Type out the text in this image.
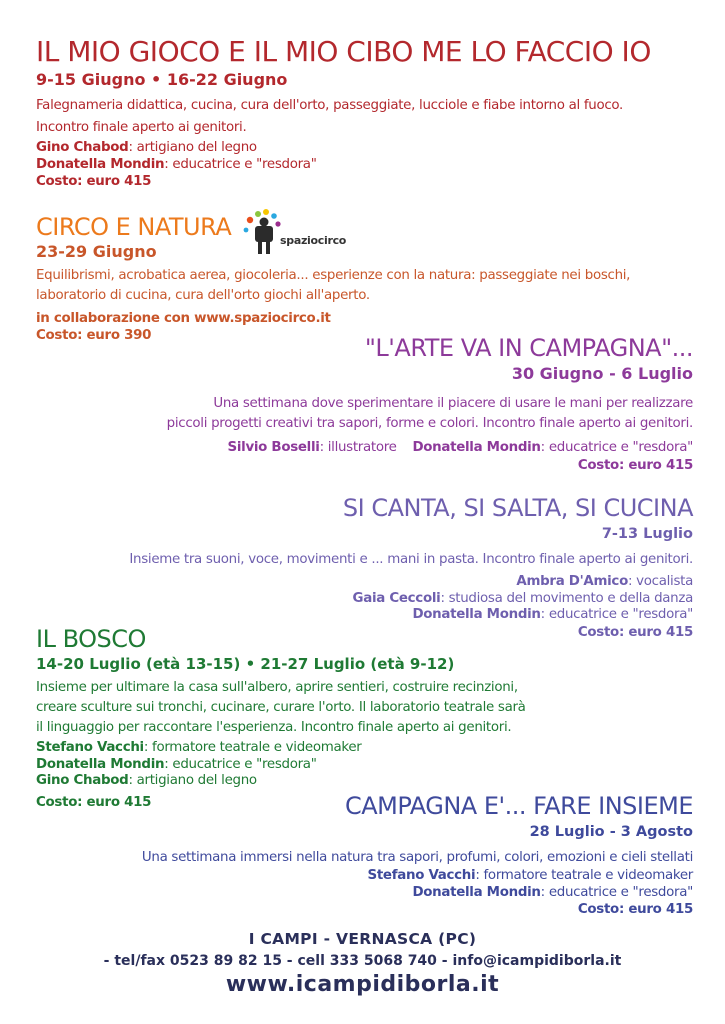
IL MIO GIOCO E IL MIO CIBO ME LO FACCIO IO

9-15 Giugno • 16-22 Giugno

Falegnameria didattica, cucina, cura dell'orto, passeggiate, lucciole e fiabe intorno al fuoco.

Incontro finale aperto ai genitori.

Gino Chabod: artigiano del legno

Donatella Mondin: educatrice e "resdora"

Costo: euro 415

CIRCO E NATURA

23-29 Giugno

Equilibrismi, acrobatica aerea, giocoleria... esperienze con la natura: passeggiate nei boschi,

laboratorio di cucina, cura dell'orto giochi all'aperto.

in collaborazione con www.spaziocirco.it

Costo: euro 390

spaziocirco
"L'ARTE VA IN CAMPAGNA"...

30 Giugno - 6 Luglio

Una settimana dove sperimentare il piacere di usare le mani per realizzare

piccoli progetti creativi tra sapori, forme e colori. Incontro finale aperto ai genitori.

Silvio Boselli: illustratore Donatella Mondin: educatrice e "resdora"

Costo: euro 415

SI CANTA, SI SALTA, SI CUCINA

7-13 Luglio

Insieme tra suoni, voce, movimenti e ... mani in pasta. Incontro finale aperto ai genitori.

Ambra D'Amico: vocalista

Gaia Ceccoli: studiosa del movimento e della danza

Donatella Mondin: educatrice e "resdora"

Costo: euro 415

IL BOSCO

14-20 Luglio (età 13-15) • 21-27 Luglio (età 9-12)

Insieme per ultimare la casa sull'albero, aprire sentieri, costruire recinzioni,

creare sculture sui tronchi, cucinare, curare l'orto. Il laboratorio teatrale sarà

il linguaggio per raccontare l'esperienza. Incontro finale aperto ai genitori.

Stefano Vacchi: formatore teatrale e videomaker

Donatella Mondin: educatrice e "resdora"

Gino Chabod: artigiano del legno

Costo: euro 415	CAMPAGNA E'... FARE INSIEME

28 Luglio - 3 Agosto

Una settimana immersi nella natura tra sapori, profumi, colori, emozioni e cieli stellati

Stefano Vacchi: formatore teatrale e videomaker

Donatella Mondin: educatrice e "resdora"

Costo: euro 415

I CAMPI - VERNASCA (PC)

- tel/fax 0523 89 82 15 - cell 333 5068 740 - info@icampidiborla.it

www.icampidiborla.it
